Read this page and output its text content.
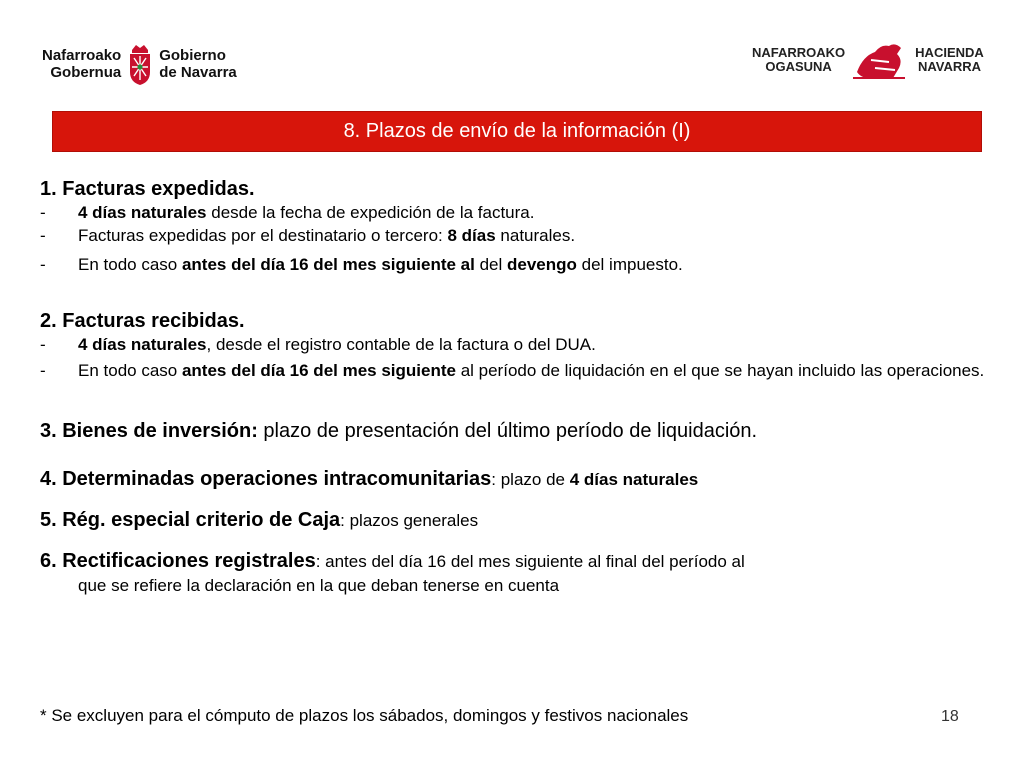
Nafarroako
Gobernua
Gobierno
de Navarra
NAFARROAKO
OGASUNA
HACIENDA
NAVARRA
8. Plazos de envío de la información (I)
1. Facturas expedidas.
-	4 días naturales desde la fecha de expedición de la factura.
-	Facturas expedidas por el destinatario o tercero: 8 días naturales.
-	En todo caso antes del día 16 del mes siguiente al del devengo del impuesto.
2. Facturas recibidas.
-	4 días naturales, desde el registro contable de la factura o del DUA.
-	En todo caso antes del día 16 del mes siguiente al período de liquidación en el que se hayan incluido las operaciones.
3. Bienes de inversión: plazo de presentación del último período de liquidación.
4. Determinadas operaciones intracomunitarias: plazo de 4 días naturales
5. Rég. especial criterio de Caja: plazos generales
6. Rectificaciones registrales: antes del día 16 del mes siguiente al final del período al
que se refiere la declaración en la que deban tenerse en cuenta
* Se excluyen para el cómputo de plazos los sábados, domingos y festivos nacionales	18
